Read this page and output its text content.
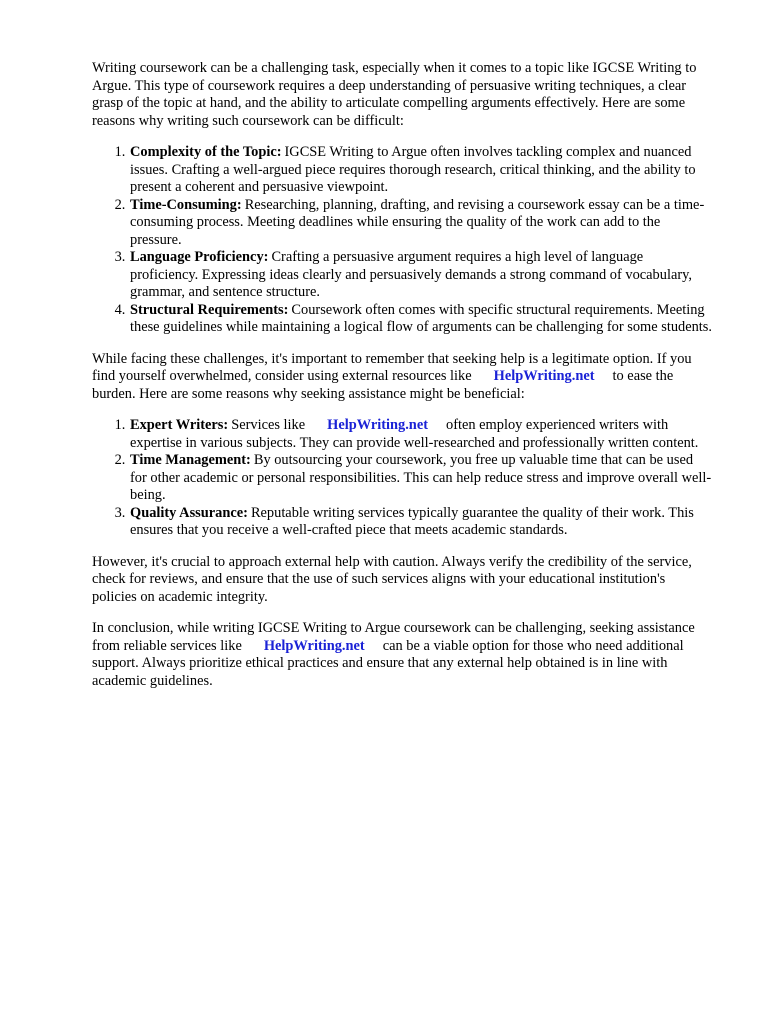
Writing coursework can be a challenging task, especially when it comes to a topic like IGCSE Writing to Argue. This type of coursework requires a deep understanding of persuasive writing techniques, a clear grasp of the topic at hand, and the ability to articulate compelling arguments effectively. Here are some reasons why writing such coursework can be difficult:

1. Complexity of the Topic: IGCSE Writing to Argue often involves tackling complex and nuanced issues. Crafting a well-argued piece requires thorough research, critical thinking, and the ability to present a coherent and persuasive viewpoint.
2. Time-Consuming: Researching, planning, drafting, and revising a coursework essay can be a time-consuming process. Meeting deadlines while ensuring the quality of the work can add to the pressure.
3. Language Proficiency: Crafting a persuasive argument requires a high level of language proficiency. Expressing ideas clearly and persuasively demands a strong command of vocabulary, grammar, and sentence structure.
4. Structural Requirements: Coursework often comes with specific structural requirements. Meeting these guidelines while maintaining a logical flow of arguments can be challenging for some students.

While facing these challenges, it's important to remember that seeking help is a legitimate option. If you find yourself overwhelmed, consider using external resources like HelpWriting.net to ease the burden. Here are some reasons why seeking assistance might be beneficial:

1. Expert Writers: Services like HelpWriting.net often employ experienced writers with expertise in various subjects. They can provide well-researched and professionally written content.
2. Time Management: By outsourcing your coursework, you free up valuable time that can be used for other academic or personal responsibilities. This can help reduce stress and improve overall well-being.
3. Quality Assurance: Reputable writing services typically guarantee the quality of their work. This ensures that you receive a well-crafted piece that meets academic standards.

However, it's crucial to approach external help with caution. Always verify the credibility of the service, check for reviews, and ensure that the use of such services aligns with your educational institution's policies on academic integrity.

In conclusion, while writing IGCSE Writing to Argue coursework can be challenging, seeking assistance from reliable services like HelpWriting.net can be a viable option for those who need additional support. Always prioritize ethical practices and ensure that any external help obtained is in line with academic guidelines.
